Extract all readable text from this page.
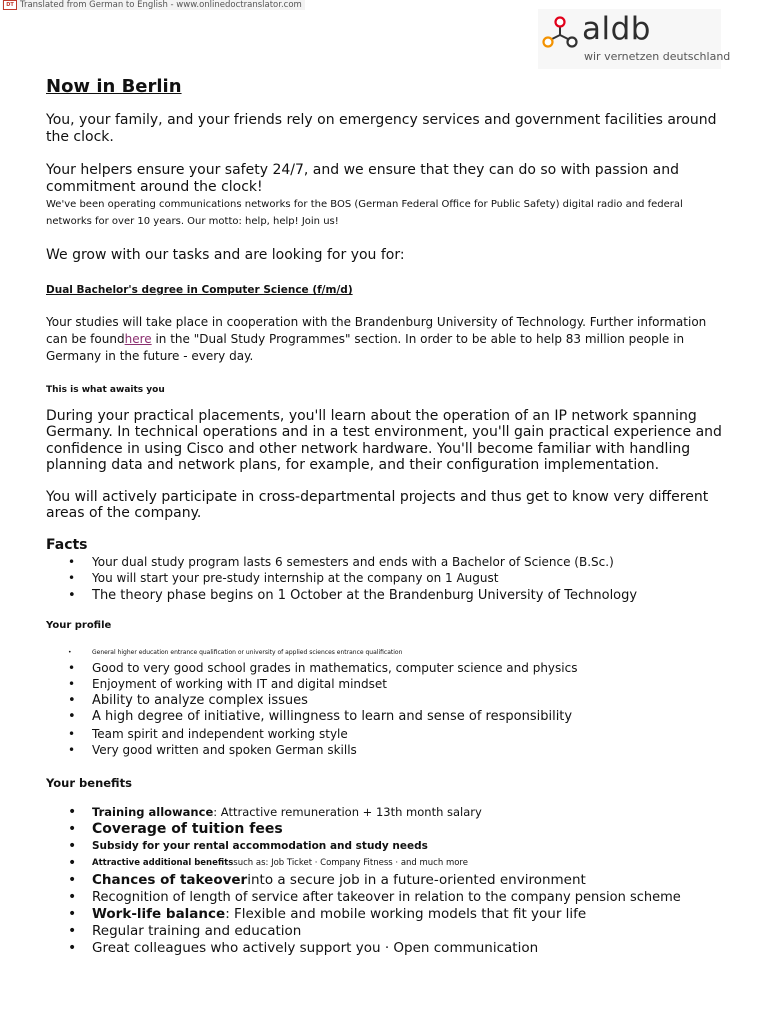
DT Translated from German to English - www.onlinedoctranslator.com
aldb
wir vernetzen deutschland
Now in Berlin

You, your family, and your friends rely on emergency services and government facilities around the clock.

Your helpers ensure your safety 24/7, and we ensure that they can do so with passion and commitment around the clock!

We've been operating communications networks for the BOS (German Federal Office for Public Safety) digital radio and federal networks for over 10 years. Our motto: help, help! Join us!

We grow with our tasks and are looking for you for:

Dual Bachelor's degree in Computer Science (f/m/d)

Your studies will take place in cooperation with the Brandenburg University of Technology. Further information can be foundhere in the "Dual Study Programmes" section. In order to be able to help 83 million people in Germany in the future - every day.

This is what awaits you

During your practical placements, you'll learn about the operation of an IP network spanning Germany. In technical operations and in a test environment, you'll gain practical experience and confidence in using Cisco and other network hardware. You'll become familiar with handling planning data and network plans, for example, and their configuration implementation.

You will actively participate in cross-departmental projects and thus get to know very different areas of the company.

Facts
• Your dual study program lasts 6 semesters and ends with a Bachelor of Science (B.Sc.)
• You will start your pre-study internship at the company on 1 August
• The theory phase begins on 1 October at the Brandenburg University of Technology

Your profile

• General higher education entrance qualification or university of applied sciences entrance qualification
• Good to very good school grades in mathematics, computer science and physics
• Enjoyment of working with IT and digital mindset
• Ability to analyze complex issues
• A high degree of initiative, willingness to learn and sense of responsibility
• Team spirit and independent working style
• Very good written and spoken German skills

Your benefits

• Training allowance: Attractive remuneration + 13th month salary
• Coverage of tuition fees
• Subsidy for your rental accommodation and study needs
• Attractive additional benefitssuch as: Job Ticket · Company Fitness · and much more
• Chances of takeoverinto a secure job in a future-oriented environment
• Recognition of length of service after takeover in relation to the company pension scheme
• Work-life balance: Flexible and mobile working models that fit your life
• Regular training and education
• Great colleagues who actively support you · Open communication
